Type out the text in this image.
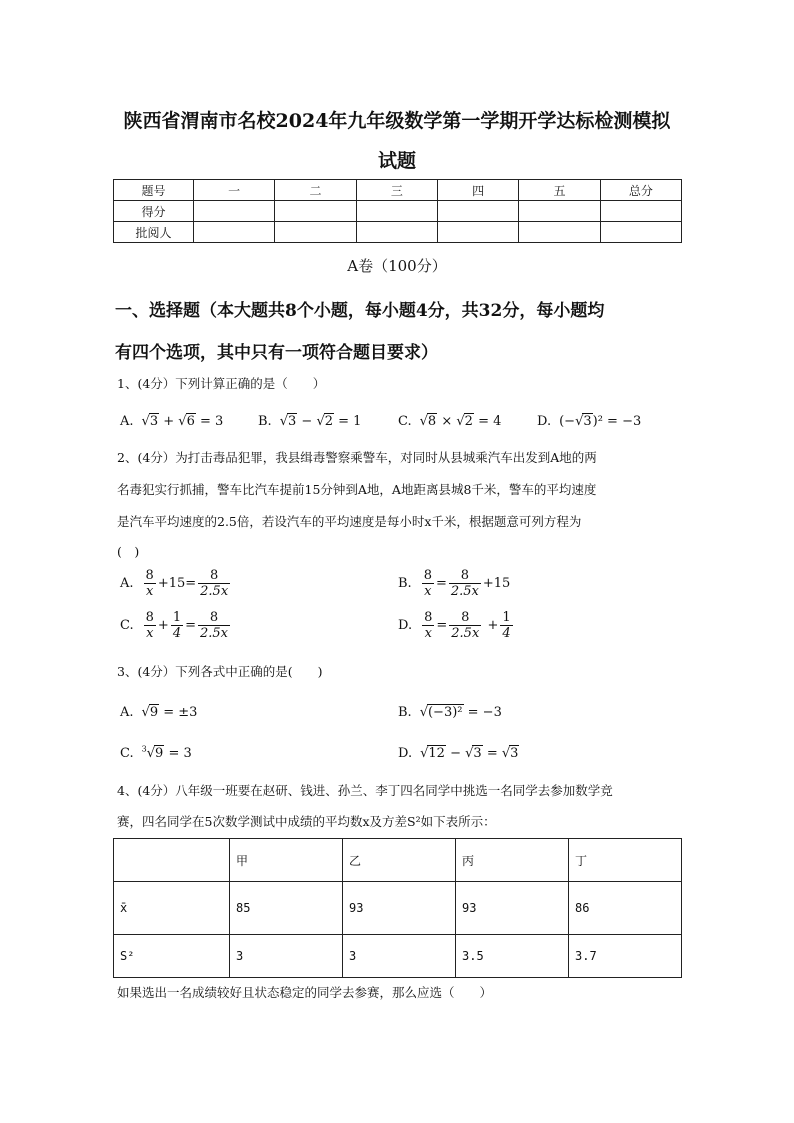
陕西省渭南市名校2024年九年级数学第一学期开学达标检测模拟
试题
题号	一	二	三	四	五	总分
得分						
批阅人						
A卷（100分）
一、选择题（本大题共8个小题，每小题4分，共32分，每小题均
有四个选项，其中只有一项符合题目要求）
1、(4分）下列计算正确的是（　　）
A. √3 + √6 = 3	B. √3 − √2 = 1	C. √8 × √2 = 4	D. (−√3)² = −3
2、(4分）为打击毒品犯罪，我县缉毒警察乘警车，对同时从县城乘汽车出发到A地的两
名毒犯实行抓捕，警车比汽车提前15分钟到A地，A地距离县城8千米，警车的平均速度
是汽车平均速度的2.5倍，若设汽车的平均速度是每小时x千米，根据题意可列方程为
(　)
A. $\frac{8}{x} +15= \frac{8}{2.5x}$	B. $\frac{8}{x} = \frac{8}{2.5x} +15$
C. $\frac{8}{x} + \frac{1}{4} = \frac{8}{2.5x}$	D. $\frac{8}{x} = \frac{8}{2.5x} + \frac{1}{4}$
3、(4分）下列各式中正确的是(　　)
A. √9 = ±3	B. √(−3)² = −3
C. $^3$√9 = 3	D. √12 − √3 = √3
4、(4分）八年级一班要在赵研、钱进、孙兰、李丁四名同学中挑选一名同学去参加数学竞
赛，四名同学在5次数学测试中成绩的平均数x及方差S²如下表所示：
	甲	乙	丙	丁
x̄	85	93	93	86
S²	3	3	3.5	3.7
如果选出一名成绩较好且状态稳定的同学去参赛，那么应选（　　）
